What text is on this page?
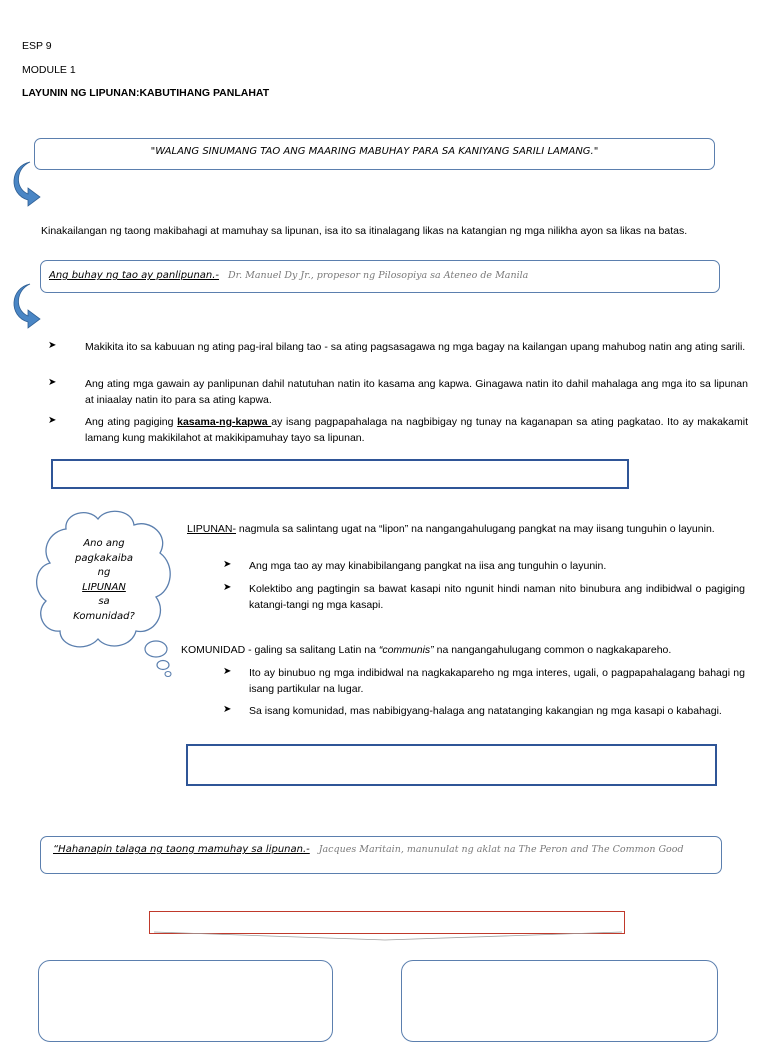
ESP 9
MODULE 1
LAYUNIN NG LIPUNAN:KABUTIHANG PANLAHAT
"WALANG SINUMANG TAO ANG MAARING MABUHAY PARA SA KANIYANG SARILI LAMANG."
Kinakailangan ng taong makibahagi at mamuhay sa lipunan, isa ito sa itinalagang likas na katangian ng mga nilikha ayon sa likas na batas.
Ang buhay ng tao ay panlipunan.- Dr. Manuel Dy Jr., propesor ng Pilosopiya sa Ateneo de Manila
➤	Makikita ito sa kabuuan ng ating pag-iral bilang tao - sa ating pagsasagawa ng mga bagay na kailangan upang mahubog natin ang ating sarili.
➤	Ang ating mga gawain ay panlipunan dahil natutuhan natin ito kasama ang kapwa. Ginagawa natin ito dahil mahalaga ang mga ito sa lipunan at iniaalay natin ito para sa ating kapwa.
➤	Ang ating pagiging kasama-ng-kapwa ay isang pagpapahalaga na nagbibigay ng tunay na kaganapan sa ating pagkatao. Ito ay makakamit lamang kung makikilahot at makikipamuhay tayo sa lipunan.
Ano ang
pagkakaiba
ng
LIPUNAN
sa
Komunidad?
LIPUNAN- nagmula sa salintang ugat na “lipon” na nangangahulugang pangkat na may iisang tunguhin o layunin.
➤	Ang mga tao ay may kinabibilangang pangkat na iisa ang tunguhin o layunin.
➤	Kolektibo ang pagtingin sa bawat kasapi nito ngunit hindi naman nito binubura ang indibidwal o pagiging katangi-tangi ng mga kasapi.
KOMUNIDAD - galing sa salitang Latin na “communis” na nangangahulugang common o nagkakapareho.
➤	Ito ay binubuo ng mga indibidwal na nagkakapareho ng mga interes, ugali, o pagpapahalagang bahagi ng isang partikular na lugar.
➤	Sa isang komunidad, mas nabibigyang-halaga ang natatanging kakangian ng mga kasapi o kabahagi.
“Hahanapin talaga ng taong mamuhay sa lipunan.- Jacques Maritain, manunulat ng aklat na The Peron and The Common Good
